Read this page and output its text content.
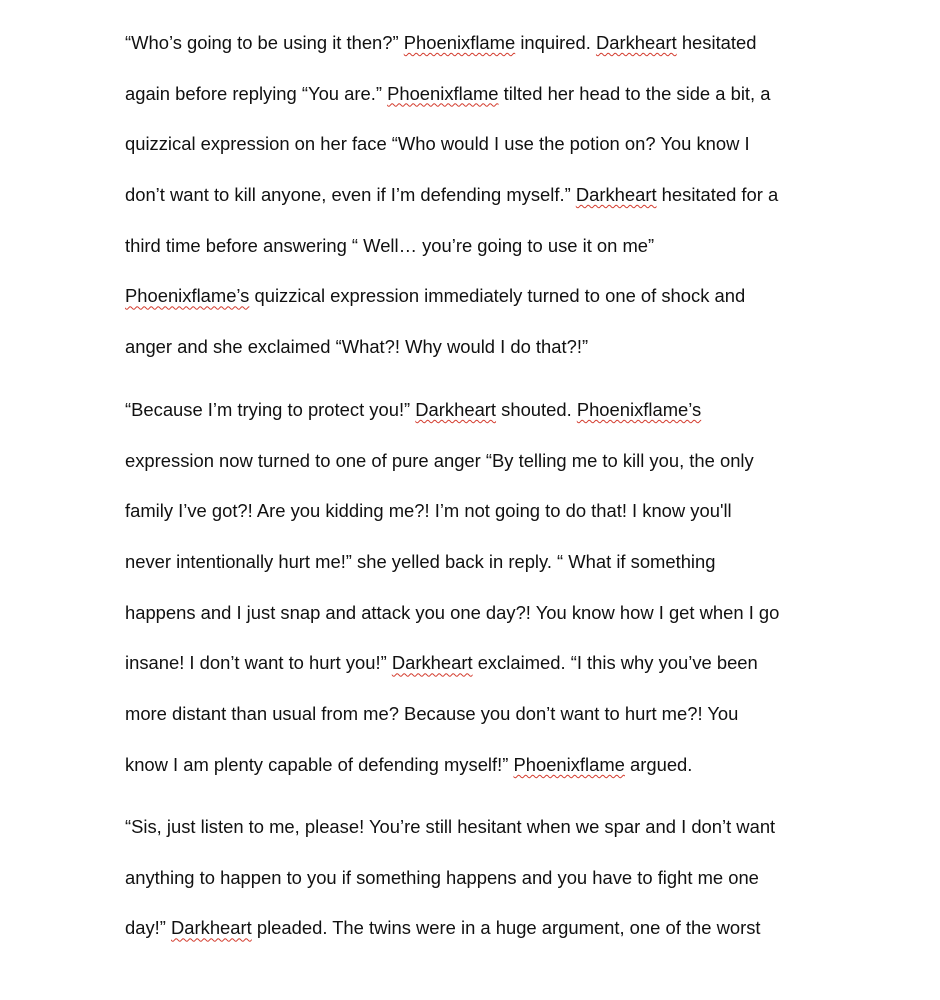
“Who’s going to be using it then?” Phoenixflame inquired. Darkheart hesitated
again before replying “You are.” Phoenixflame tilted her head to the side a bit, a
quizzical expression on her face “Who would I use the potion on? You know I
don’t want to kill anyone, even if I’m defending myself.” Darkheart hesitated for a
third time before answering “ Well… you’re going to use it on me”
Phoenixflame’s quizzical expression immediately turned to one of shock and
anger and she exclaimed “What?! Why would I do that?!”
“Because I’m trying to protect you!” Darkheart shouted. Phoenixflame’s
expression now turned to one of pure anger “By telling me to kill you, the only
family I’ve got?! Are you kidding me?! I’m not going to do that! I know you'll
never intentionally hurt me!” she yelled back in reply. “ What if something
happens and I just snap and attack you one day?! You know how I get when I go
insane! I don’t want to hurt you!” Darkheart exclaimed. “I this why you’ve been
more distant than usual from me? Because you don’t want to hurt me?! You
know I am plenty capable of defending myself!” Phoenixflame argued.
“Sis, just listen to me, please! You’re still hesitant when we spar and I don’t want
anything to happen to you if something happens and you have to fight me one
day!” Darkheart pleaded. The twins were in a huge argument, one of the worst
